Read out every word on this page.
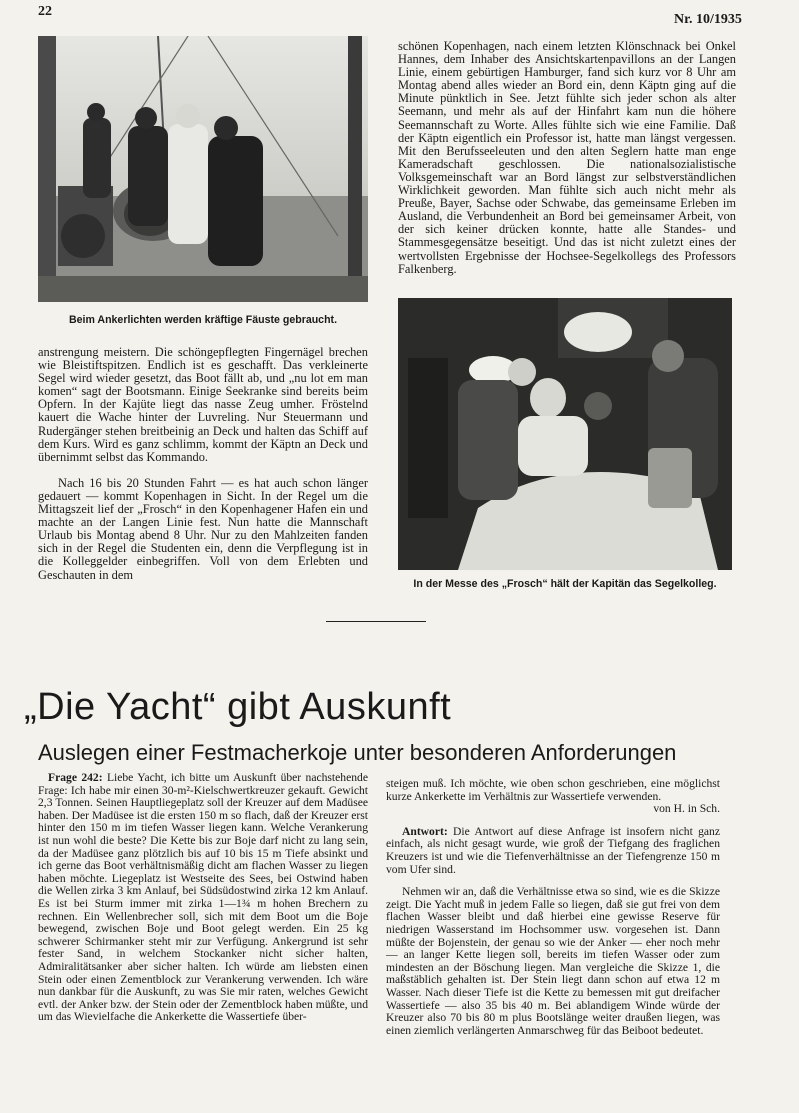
22
Nr. 10/1935
Beim Ankerlichten werden kräftige Fäuste gebraucht.

schönen Kopenhagen, nach einem letzten Klönschnack bei Onkel Hannes, dem Inhaber des Ansichtskartenpavillons an der Langen Linie, einem gebürtigen Hamburger, fand sich kurz vor 8 Uhr am Montag abend alles wieder an Bord ein, denn Käptn ging auf die Minute pünktlich in See. Jetzt fühlte sich jeder schon als alter Seemann, und mehr als auf der Hinfahrt kam nun die höhere Seemannschaft zu Worte. Alles fühlte sich wie eine Familie. Daß der Käptn eigentlich ein Professor ist, hatte man längst vergessen. Mit den Berufsseeleuten und den alten Seglern hatte man enge Kameradschaft geschlossen. Die nationalsozialistische Volksgemeinschaft war an Bord längst zur selbstverständlichen Wirklichkeit geworden. Man fühlte sich auch nicht mehr als Preuße, Bayer, Sachse oder Schwabe, das gemeinsame Erleben im Ausland, die Verbundenheit an Bord bei gemeinsamer Arbeit, von der sich keiner drücken konnte, hatte alle Standes- und Stammesgegensätze beseitigt. Und das ist nicht zuletzt eines der wertvollsten Ergebnisse der Hochsee-Segelkollegs des Professors Falkenberg.

In der Messe des „Frosch“ hält der Kapitän das Segelkolleg.

anstrengung meistern. Die schöngepflegten Fingernägel brechen wie Bleistiftspitzen. Endlich ist es geschafft. Das verkleinerte Segel wird wieder gesetzt, das Boot fällt ab, und „nu lot em man komen“ sagt der Bootsmann. Einige Seekranke sind bereits beim Opfern. In der Kajüte liegt das nasse Zeug umher. Fröstelnd kauert die Wache hinter der Luvreling. Nur Steuermann und Rudergänger stehen breitbeinig an Deck und halten das Schiff auf dem Kurs. Wird es ganz schlimm, kommt der Käptn an Deck und übernimmt selbst das Kommando.

Nach 16 bis 20 Stunden Fahrt — es hat auch schon länger gedauert — kommt Kopenhagen in Sicht. In der Regel um die Mittagszeit lief der „Frosch“ in den Kopenhagener Hafen ein und machte an der Langen Linie fest. Nun hatte die Mannschaft Urlaub bis Montag abend 8 Uhr. Nur zu den Mahlzeiten fanden sich in der Regel die Studenten ein, denn die Verpflegung ist in die Kolleggelder einbegriffen. Voll von dem Erlebten und Geschauten in dem

„Die Yacht“ gibt Auskunft
Auslegen einer Festmacherkoje unter besonderen Anforderungen

Frage 242: Liebe Yacht, ich bitte um Auskunft über nachstehende Frage: Ich habe mir einen 30-m²-Kielschwertkreuzer gekauft. Gewicht 2,3 Tonnen. Seinen Hauptliegeplatz soll der Kreuzer auf dem Madüsee haben. Der Madüsee ist die ersten 150 m so flach, daß der Kreuzer erst hinter den 150 m im tiefen Wasser liegen kann. Welche Verankerung ist nun wohl die beste? Die Kette bis zur Boje darf nicht zu lang sein, da der Madüsee ganz plötzlich bis auf 10 bis 15 m Tiefe absinkt und ich gerne das Boot verhältnismäßig dicht am flachen Wasser zu liegen haben möchte. Liegeplatz ist Westseite des Sees, bei Ostwind haben die Wellen zirka 3 km Anlauf, bei Südsüdostwind zirka 12 km Anlauf. Es ist bei Sturm immer mit zirka 1—1¾ m hohen Brechern zu rechnen. Ein Wellenbrecher soll, sich mit dem Boot um die Boje bewegend, zwischen Boje und Boot gelegt werden. Ein 25 kg schwerer Schirmanker steht mir zur Verfügung. Ankergrund ist sehr fester Sand, in welchem Stockanker nicht sicher halten, Admiralitätsanker aber sicher halten. Ich würde am liebsten einen Stein oder einen Zementblock zur Verankerung verwenden. Ich wäre nun dankbar für die Auskunft, zu was Sie mir raten, welches Gewicht evtl. der Anker bzw. der Stein oder der Zementblock haben müßte, und um das Wievielfache die Ankerkette die Wassertiefe über-

steigen muß. Ich möchte, wie oben schon geschrieben, eine möglichst kurze Ankerkette im Verhältnis zur Wassertiefe verwenden.

von H. in Sch.

Antwort: Die Antwort auf diese Anfrage ist insofern nicht ganz einfach, als nicht gesagt wurde, wie groß der Tiefgang des fraglichen Kreuzers ist und wie die Tiefenverhältnisse an der Tiefengrenze 150 m vom Ufer sind.

Nehmen wir an, daß die Verhältnisse etwa so sind, wie es die Skizze zeigt. Die Yacht muß in jedem Falle so liegen, daß sie gut frei von dem flachen Wasser bleibt und daß hierbei eine gewisse Reserve für niedrigen Wasserstand im Hochsommer usw. vorgesehen ist. Dann müßte der Bojenstein, der genau so wie der Anker — eher noch mehr — an langer Kette liegen soll, bereits im tiefen Wasser oder zum mindesten an der Böschung liegen. Man vergleiche die Skizze 1, die maßstäblich gehalten ist. Der Stein liegt dann schon auf etwa 12 m Wasser. Nach dieser Tiefe ist die Kette zu bemessen mit gut dreifacher Wassertiefe — also 35 bis 40 m. Bei ablandigem Winde würde der Kreuzer also 70 bis 80 m plus Bootslänge weiter draußen liegen, was einen ziemlich verlängerten Anmarschweg für das Beiboot bedeutet.
